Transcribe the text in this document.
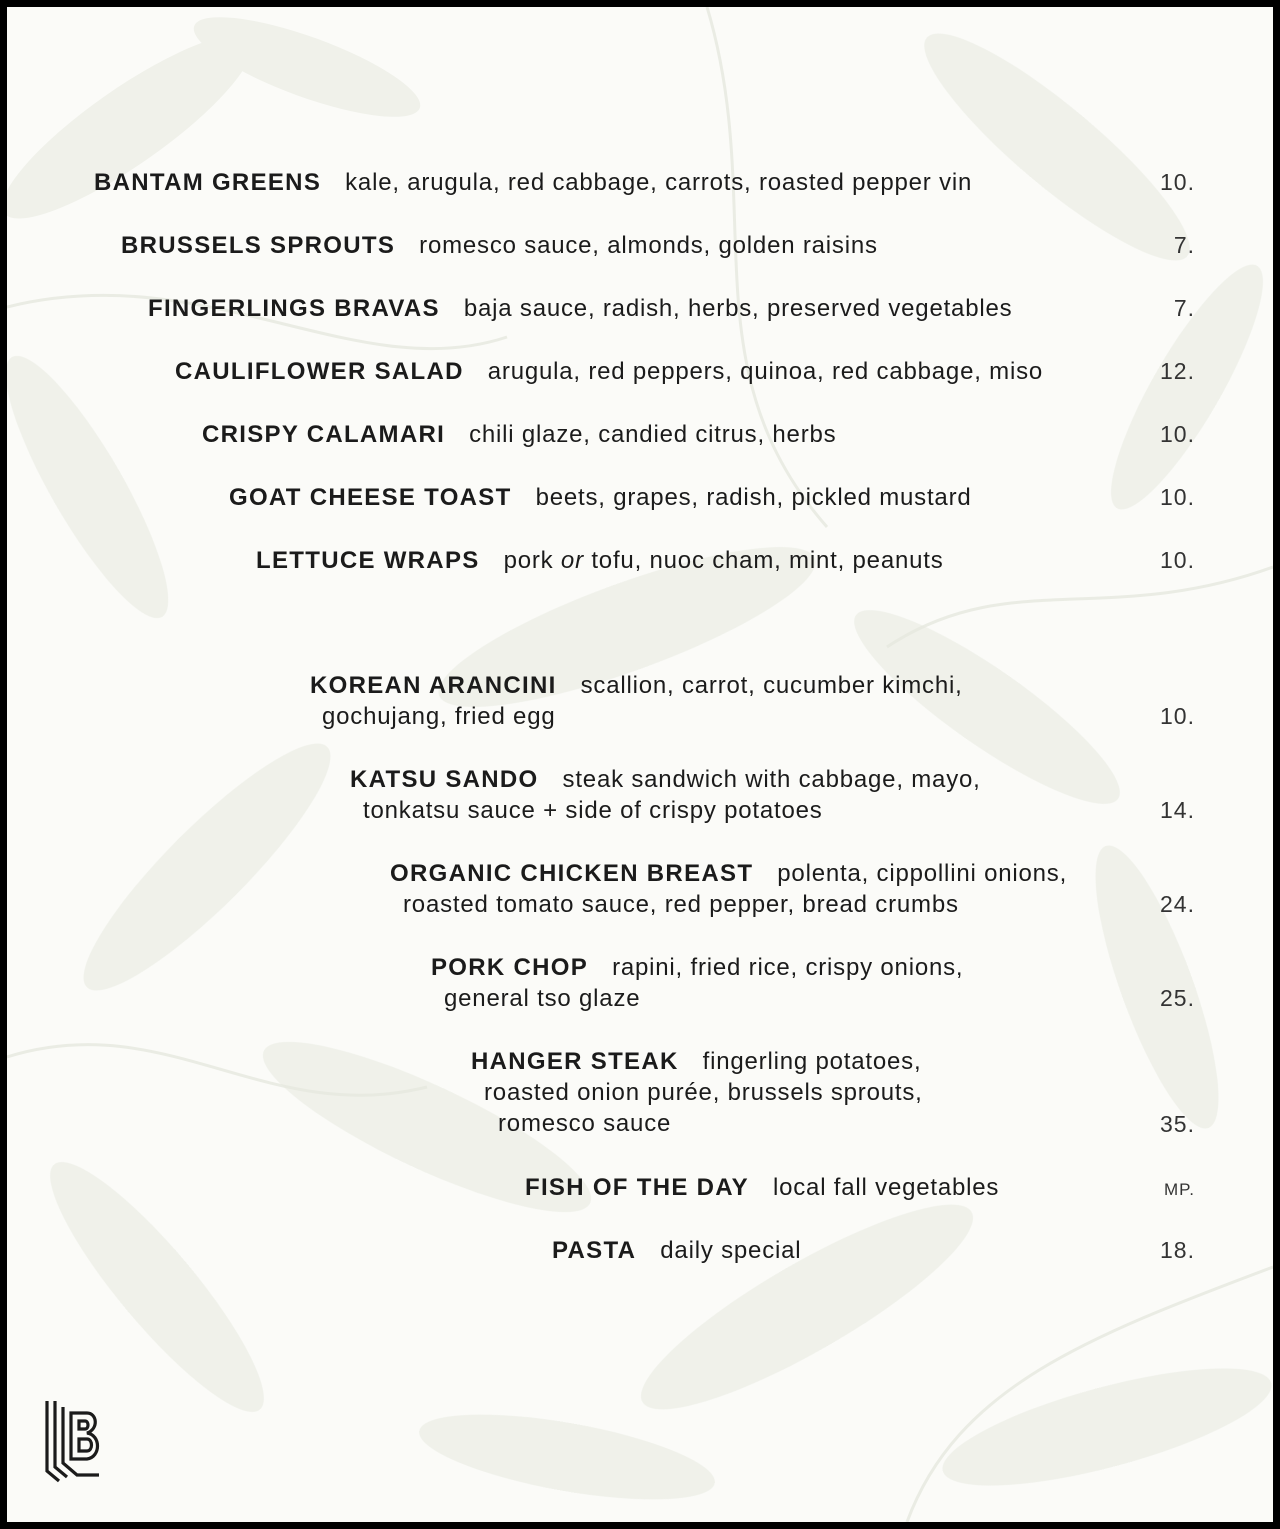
BANTAM GREENS kale, arugula, red cabbage, carrots, roasted pepper vin	10.
BRUSSELS SPROUTS romesco sauce, almonds, golden raisins	7.
FINGERLINGS BRAVAS baja sauce, radish, herbs, preserved vegetables	7.
CAULIFLOWER SALAD arugula, red peppers, quinoa, red cabbage, miso	12.
CRISPY CALAMARI chili glaze, candied citrus, herbs	10.
GOAT CHEESE TOAST beets, grapes, radish, pickled mustard	10.
LETTUCE WRAPS pork or tofu, nuoc cham, mint, peanuts	10.
KOREAN ARANCINI scallion, carrot, cucumber kimchi,
gochujang, fried egg	10.
KATSU SANDO steak sandwich with cabbage, mayo,
tonkatsu sauce + side of crispy potatoes	14.
ORGANIC CHICKEN BREAST polenta, cippollini onions,
roasted tomato sauce, red pepper, bread crumbs	24.
PORK CHOP rapini, fried rice, crispy onions,
general tso glaze	25.
HANGER STEAK fingerling potatoes,
roasted onion purée, brussels sprouts,
romesco sauce	35.
FISH OF THE DAY local fall vegetables	MP.
PASTA daily special	18.
